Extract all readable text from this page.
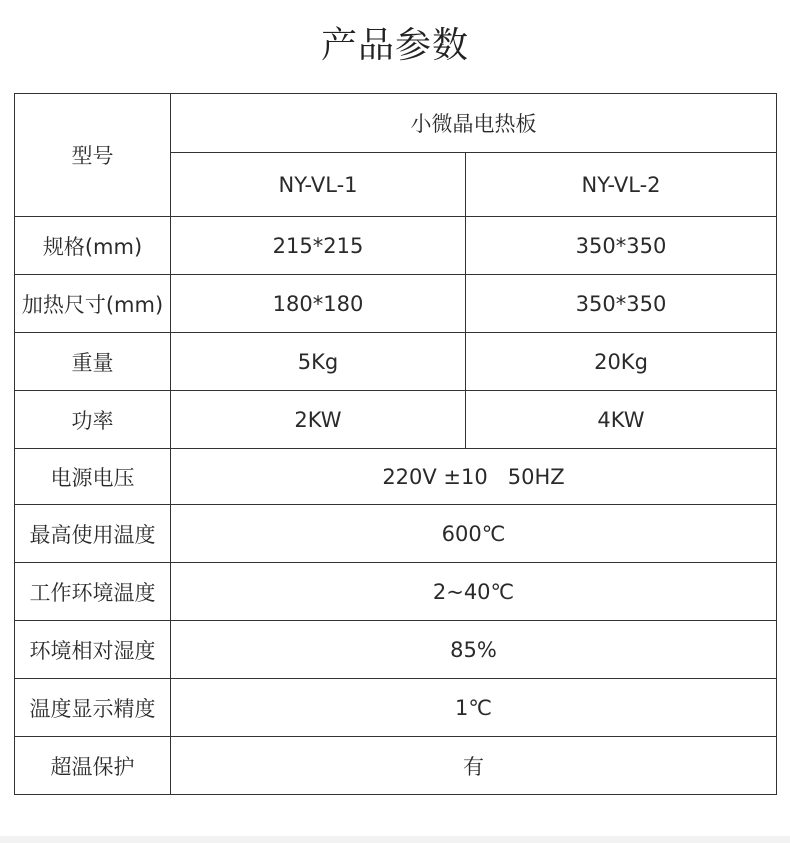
产品参数
型号	小微晶电热板	
	NY-VL-1	NY-VL-2
规格(mm)	215*215	350*350
加热尺寸(mm)	180*180	350*350
重量	5Kg	20Kg
功率	2KW	4KW
电源电压	220V ±10   50HZ	
最高使用温度	600℃	
工作环境温度	2~40℃	
环境相对湿度	85%	
温度显示精度	1℃	
超温保护	有	
